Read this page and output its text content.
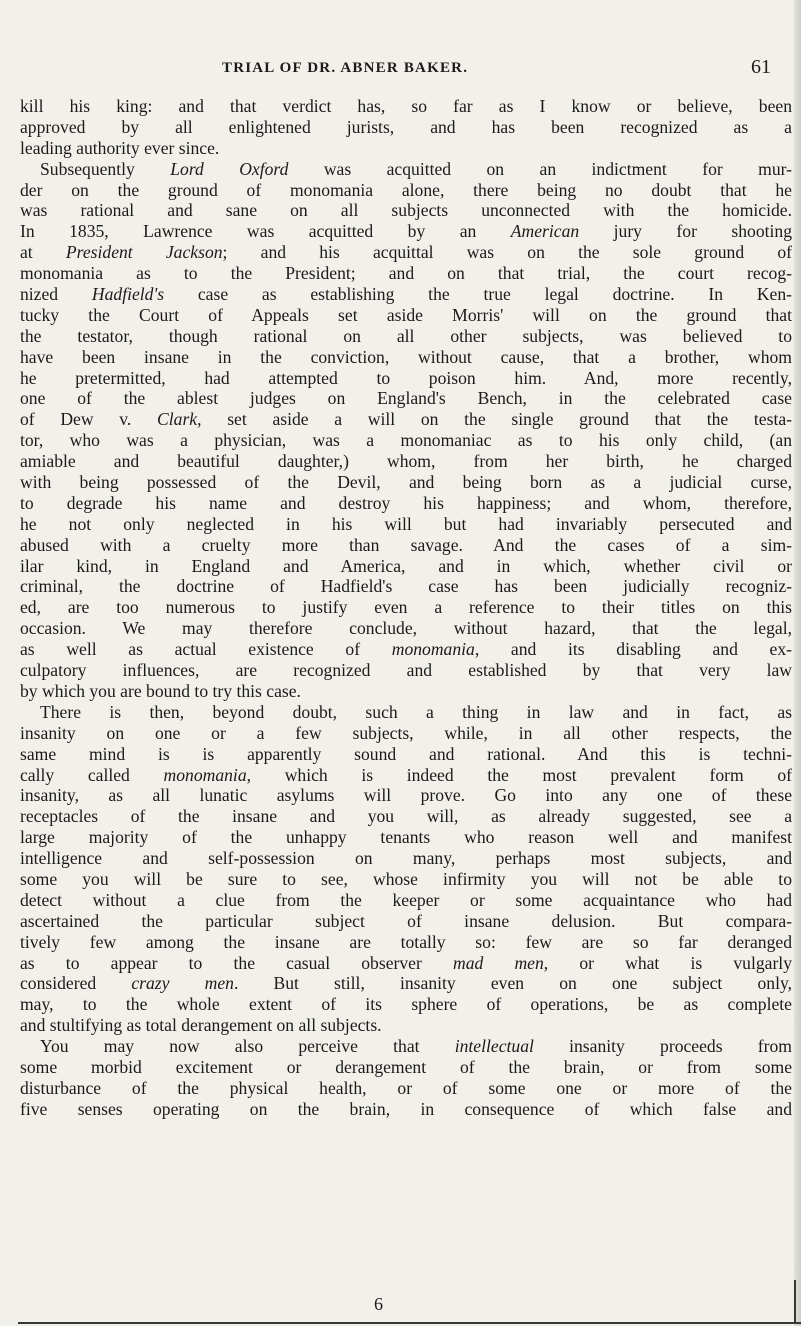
TRIAL OF DR. ABNER BAKER.	61
kill his king: and that verdict has, so far as I know or believe, been
approved by all enlightened jurists, and has been recognized as a
leading authority ever since.
Subsequently Lord Oxford was acquitted on an indictment for mur-
der on the ground of monomania alone, there being no doubt that he
was rational and sane on all subjects unconnected with the homicide.
In 1835, Lawrence was acquitted by an American jury for shooting
at President Jackson; and his acquittal was on the sole ground of
monomania as to the President; and on that trial, the court recog-
nized Hadfield's case as establishing the true legal doctrine. In Ken-
tucky the Court of Appeals set aside Morris' will on the ground that
the testator, though rational on all other subjects, was believed to
have been insane in the conviction, without cause, that a brother, whom
he pretermitted, had attempted to poison him. And, more recently,
one of the ablest judges on England's Bench, in the celebrated case
of Dew v. Clark, set aside a will on the single ground that the testa-
tor, who was a physician, was a monomaniac as to his only child, (an
amiable and beautiful daughter,) whom, from her birth, he charged
with being possessed of the Devil, and being born as a judicial curse,
to degrade his name and destroy his happiness; and whom, therefore,
he not only neglected in his will but had invariably persecuted and
abused with a cruelty more than savage. And the cases of a sim-
ilar kind, in England and America, and in which, whether civil or
criminal, the doctrine of Hadfield's case has been judicially recogniz-
ed, are too numerous to justify even a reference to their titles on this
occasion. We may therefore conclude, without hazard, that the legal,
as well as actual existence of monomania, and its disabling and ex-
culpatory influences, are recognized and established by that very law
by which you are bound to try this case.
There is then, beyond doubt, such a thing in law and in fact, as
insanity on one or a few subjects, while, in all other respects, the
same mind is is apparently sound and rational. And this is techni-
cally called monomania, which is indeed the most prevalent form of
insanity, as all lunatic asylums will prove. Go into any one of these
receptacles of the insane and you will, as already suggested, see a
large majority of the unhappy tenants who reason well and manifest
intelligence and self-possession on many, perhaps most subjects, and
some you will be sure to see, whose infirmity you will not be able to
detect without a clue from the keeper or some acquaintance who had
ascertained the particular subject of insane delusion. But compara-
tively few among the insane are totally so: few are so far deranged
as to appear to the casual observer mad men, or what is vulgarly
considered crazy men. But still, insanity even on one subject only,
may, to the whole extent of its sphere of operations, be as complete
and stultifying as total derangement on all subjects.
You may now also perceive that intellectual insanity proceeds from
some morbid excitement or derangement of the brain, or from some
disturbance of the physical health, or of some one or more of the
five senses operating on the brain, in consequence of which false and
6
